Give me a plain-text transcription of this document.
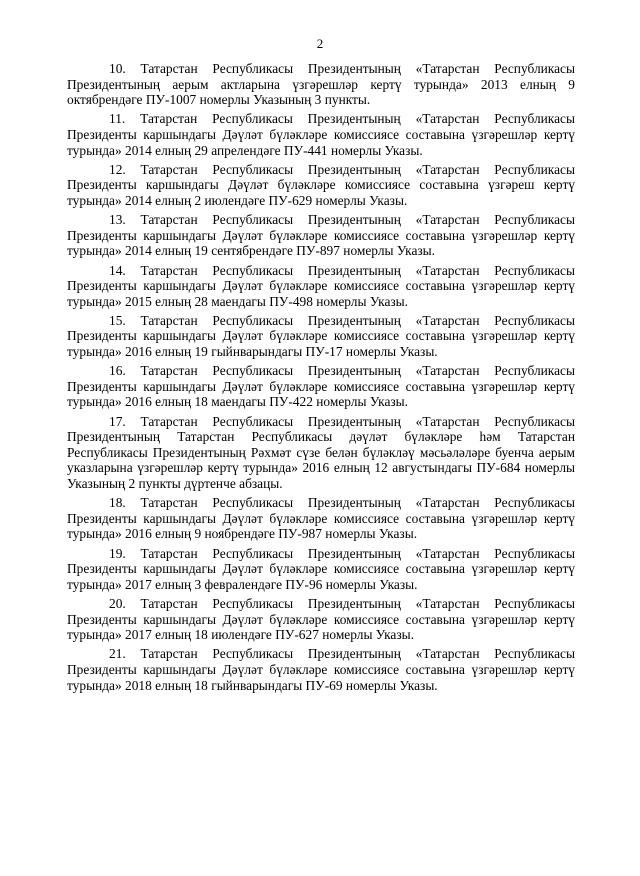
2

10. Татарстан Республикасы Президентының «Татарстан Республикасы Президентының аерым актларына үзгәрешләр кертү турында» 2013 елның 9 октябрендәге ПУ-1007 номерлы Указының 3 пункты.

11. Татарстан Республикасы Президентының «Татарстан Республикасы Президенты каршындагы Дәүләт бүләкләре комиссиясе составына үзгәрешләр кертү турында» 2014 елның 29 апрелендәге ПУ-441 номерлы Указы.

12. Татарстан Республикасы Президентының «Татарстан Республикасы Президенты каршындагы Дәүләт бүләкләре комиссиясе составына үзгәреш кертү турында» 2014 елның 2 июлендәге ПУ-629 номерлы Указы.

13. Татарстан Республикасы Президентының «Татарстан Республикасы Президенты каршындагы Дәүләт бүләкләре комиссиясе составына үзгәрешләр кертү турында» 2014 елның 19 сентябрендәге ПУ-897 номерлы Указы.

14. Татарстан Республикасы Президентының «Татарстан Республикасы Президенты каршындагы Дәүләт бүләкләре комиссиясе составына үзгәрешләр кертү турында» 2015 елның 28 маендагы ПУ-498 номерлы Указы.

15. Татарстан Республикасы Президентының «Татарстан Республикасы Президенты каршындагы Дәүләт бүләкләре комиссиясе составына үзгәрешләр кертү турында» 2016 елның 19 гыйнварындагы ПУ-17 номерлы Указы.

16. Татарстан Республикасы Президентының «Татарстан Республикасы Президенты каршындагы Дәүләт бүләкләре комиссиясе составына үзгәрешләр кертү турында» 2016 елның 18 маендагы ПУ-422 номерлы Указы.

17. Татарстан Республикасы Президентының «Татарстан Республикасы Президентының Татарстан Республикасы дәүләт бүләкләре һәм Татарстан Республикасы Президентының Рәхмәт сүзе белән бүләкләү мәсьәләләре буенча аерым указларына үзгәрешләр кертү турында» 2016 елның 12 августындагы ПУ-684 номерлы Указының 2 пункты дүртенче абзацы.

18. Татарстан Республикасы Президентының «Татарстан Республикасы Президенты каршындагы Дәүләт бүләкләре комиссиясе составына үзгәрешләр кертү турында» 2016 елның 9 ноябрендәге ПУ-987 номерлы Указы.

19. Татарстан Республикасы Президентының «Татарстан Республикасы Президенты каршындагы Дәүләт бүләкләре комиссиясе составына үзгәрешләр кертү турында» 2017 елның 3 февралендәге ПУ-96 номерлы Указы.

20. Татарстан Республикасы Президентының «Татарстан Республикасы Президенты каршындагы Дәүләт бүләкләре комиссиясе составына үзгәрешләр кертү турында» 2017 елның 18 июлендәге ПУ-627 номерлы Указы.

21. Татарстан Республикасы Президентының «Татарстан Республикасы Президенты каршындагы Дәүләт бүләкләре комиссиясе составына үзгәрешләр кертү турында» 2018 елның 18 гыйнварындагы ПУ-69 номерлы Указы.
